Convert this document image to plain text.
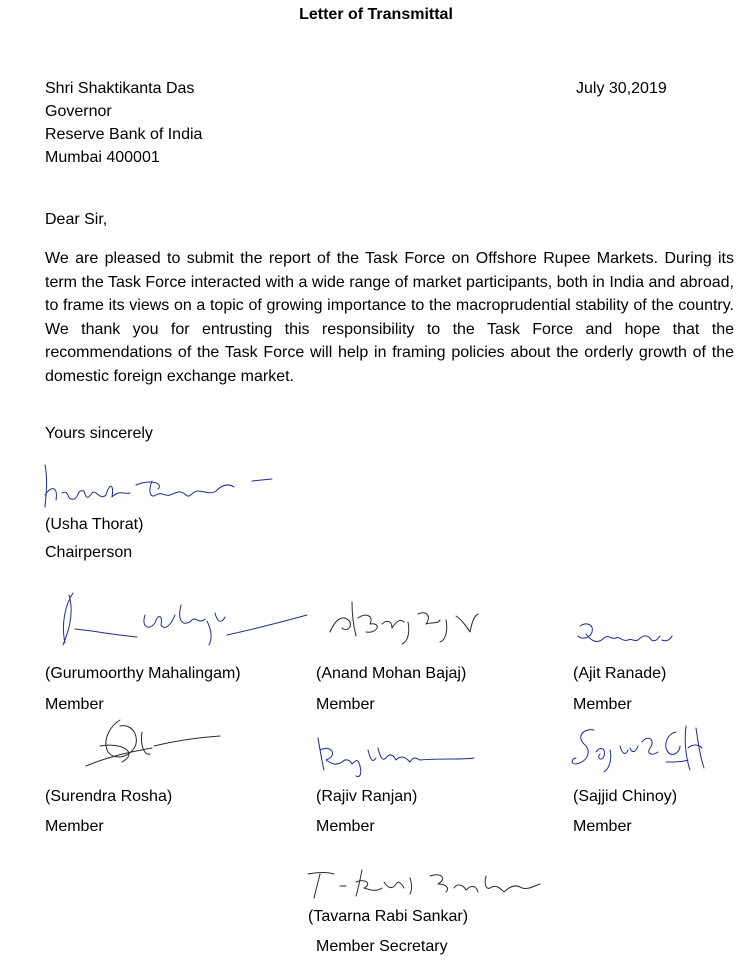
Letter of Transmittal
Shri Shaktikanta Das
Governor
Reserve Bank of India
Mumbai 400001
July 30,2019
Dear Sir,
We are pleased to submit the report of the Task Force on Offshore Rupee Markets. During its term the Task Force interacted with a wide range of market participants, both in India and abroad, to frame its views on a topic of growing importance to the macroprudential stability of the country. We thank you for entrusting this responsibility to the Task Force and hope that the recommendations of the Task Force will help in framing policies about the orderly growth of the domestic foreign exchange market.
Yours sincerely
(Usha Thorat)
Chairperson
(Gurumoorthy Mahalingam)
Member
(Anand Mohan Bajaj)
Member
(Ajit Ranade)
Member
(Surendra Rosha)
Member
(Rajiv Ranjan)
Member
(Sajjid Chinoy)
Member
(Tavarna Rabi Sankar)
Member Secretary
